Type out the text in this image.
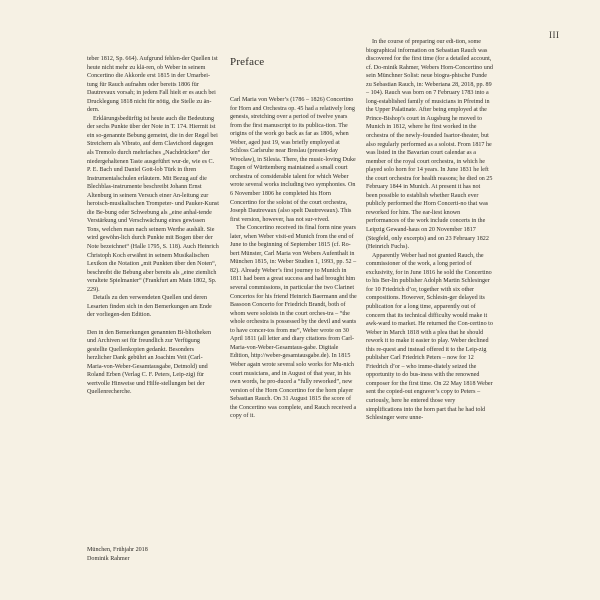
III

teber 1812, Sp. 664). Aufgrund fehlen-der Quellen ist heute nicht mehr zu klä-ren, ob Weber in seinem Concertino die Akkorde erst 1815 in der Umarbei-tung für Rauch aufnahm oder bereits 1806 für Dautrevaux vorsah; in jedem Fall hielt er es auch bei Drucklegung 1818 nicht für nötig, die Stelle zu än-dern.

Erklärungsbedürftig ist heute auch die Bedeutung der sechs Punkte über der Note in T. 174. Hiermit ist ein so-genannte Bebung gemeint, die in der Regel bei Streichern als Vibrato, auf dem Clavichord dagegen als Tremolo durch mehrfaches „Nachdrücken“ der niedergehaltenen Taste ausgeführt wur-de, wie es C. P. E. Bach und Daniel Gott-lob Türk in ihren Instrumentalschulen erläutern. Mit Bezug auf die Blechblas-instrumente beschreibt Johann Ernst Altenburg in seinem Versuch einer An-leitung zur heroisch-musikalischen Trompeter- und Pauker-Kunst die Be-bung oder Schwebung als „eine anhal-tende Verstärkung und Verschwächung eines gewissen Tons, welchen man nach seinem Werthe aushält. Sie wird gewöhn-lich durch Punkte mit Bogen über der Note bezeichnet“ (Halle 1795, S. 118). Auch Heinrich Christoph Koch erwähnt in seinem Musikalischen Lexikon die Notation „mit Punkten über den Noten“, beschreibt die Bebung aber bereits als „eine ziemlich veraltete Spielmanier“ (Frankfurt am Main 1802, Sp. 229).

Details zu den verwendeten Quellen und deren Lesarten finden sich in den Bemerkungen am Ende der vorliegen-den Edition.

Den in den Bemerkungen genannten Bi-bliotheken und Archiven sei für freundlich zur Verfügung gestellte Quellenkopien gedankt. Besonders herzlicher Dank gebührt an Joachim Veit (Carl-Maria-von-Weber-Gesamtausgabe, Detmold) und Roland Erben (Verlag C. F. Peters, Leip-zig) für wertvolle Hinweise und Hilfe-stellungen bei der Quellenrecherche.

München, Frühjahr 2018
Dominik Rahmer
Preface

Carl Maria von Weber’s (1786 – 1826) Concertino for Horn and Orchestra op. 45 had a relatively long genesis, stretching over a period of twelve years from the first manuscript to its publica-tion. The origins of the work go back as far as 1806, when Weber, aged just 19, was briefly employed at Schloss Carlsruhe near Breslau (present-day Wrocław), in Silesia. There, the music-loving Duke Eugen of Württemberg maintained a small court orchestra of considerable talent for which Weber wrote several works including two symphonies. On 6 November 1806 he completed his Horn Concertino for the soloist of the court orchestra, Joseph Dautrevaux (also spelt Dautreveaux). This first version, however, has not sur-vived.

The Concertino received its final form nine years later, when Weber visit-ed Munich from the end of June to the beginning of September 1815 (cf. Ro-bert Münster, Carl Maria von Webers Aufenthalt in München 1815, in: Weber Studien 1, 1993, pp. 52 – 82). Already Weber’s first journey to Munich in 1811 had been a great success and had brought him several commissions, in particular the two Clarinet Concertos for his friend Heinrich Baermann and the Bassoon Concerto for Friedrich Brandt, both of whom were soloists in the court orches-tra – “the whole orchestra is possessed by the devil and wants to have concer-tos from me”, Weber wrote on 30 April 1811 (all letter and diary citations from Carl-Maria-von-Weber-Gesamtaus-gabe. Digitale Edition, http://weber-gesamtausgabe.de). In 1815 Weber again wrote several solo works for Mu-nich court musicians, and in August of that year, in his own words, he pro-duced a “fully reworked”, new version of the Horn Concertino for the horn player Sebastian Rauch. On 31 August 1815 the score of the Concertino was complete, and Rauch received a copy of it.

In the course of preparing our edi-tion, some biographical information on Sebastian Rauch was discovered for the first time (for a detailed account, cf. Do-minik Rahmer, Webers Horn-Concertino und sein Münchner Solist: neue biogra-phische Funde zu Sebastian Rauch, in: Weberiana 28, 2018, pp. 89 – 104). Rauch was born on 7 February 1783 into a long-established family of musicians in Pfreimd in the Upper Palatinate. After being employed at the Prince-Bishop’s court in Augsburg he moved to Munich in 1812, where he first worked in the orchestra of the newly-founded Isartor-theater, but also regularly performed as a soloist. From 1817 he was listed in the Bavarian court calendar as a member of the royal court orchestra, in which he played solo horn for 14 years. In June 1831 he left the court orchestra for health reasons; he died on 25 February 1844 in Munich. At present it has not been possible to establish whether Rauch ever publicly performed the Horn Concerti-no that was reworked for him. The ear-liest known performances of the work include concerts in the Leipzig Gewand-haus on 20 November 1817 (Stegfeld, only excerpts) and on 23 February 1822 (Heinrich Fuchs).

Apparently Weber had not granted Rauch, the commissioner of the work, a long period of exclusivity, for in June 1816 he sold the Concertino to his Ber-lin publisher Adolph Martin Schlesinger for 10 Friedrich d’or, together with six other compositions. However, Schlesin-ger delayed its publication for a long time, apparently out of concern that its technical difficulty would make it awk-ward to market. He returned the Con-certino to Weber in March 1818 with a plea that he should rework it to make it easier to play. Weber declined this re-quest and instead offered it to the Leip-zig publisher Carl Friedrich Peters – now for 12 Friedrich d’or – who imme-diately seized the opportunity to do bus-iness with the renowned composer for the first time. On 22 May 1818 Weber sent the copied-out engraver’s copy to Peters – curiously, here he entered those very simplifications into the horn part that he had told Schlesinger were unne-
